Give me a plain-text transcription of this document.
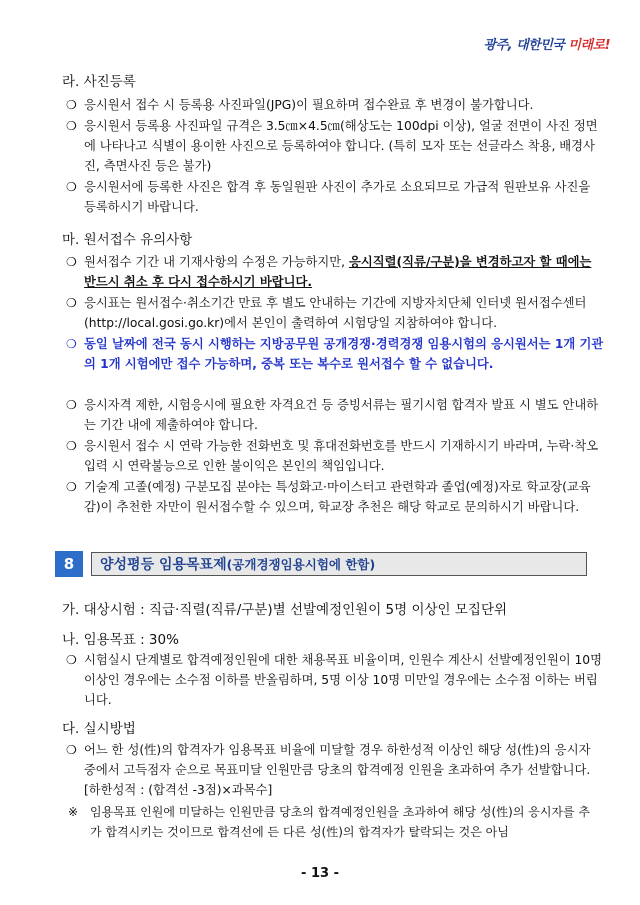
광주, 대한민국 미래로!
라. 사진등록
❍ 응시원서 접수 시 등록용 사진파일(JPG)이 필요하며 접수완료 후 변경이 불가합니다.
❍ 응시원서 등록용 사진파일 규격은 3.5㎝×4.5㎝(해상도는 100dpi 이상), 얼굴 전면이 사진 정면에 나타나고 식별이 용이한 사진으로 등록하여야 합니다. (특히 모자 또는 선글라스 착용, 배경사진, 측면사진 등은 불가)
❍ 응시원서에 등록한 사진은 합격 후 동일원판 사진이 추가로 소요되므로 가급적 원판보유 사진을 등록하시기 바랍니다.
마. 원서접수 유의사항
❍ 원서접수 기간 내 기재사항의 수정은 가능하지만, 응시직렬(직류/구분)을 변경하고자 할 때에는 반드시 취소 후 다시 접수하시기 바랍니다.
❍ 응시표는 원서접수·취소기간 만료 후 별도 안내하는 기간에 지방자치단체 인터넷 원서접수센터(http://local.gosi.go.kr)에서 본인이 출력하여 시험당일 지참하여야 합니다.
❍ 동일 날짜에 전국 동시 시행하는 지방공무원 공개경쟁·경력경쟁 임용시험의 응시원서는 1개 기관의 1개 시험에만 접수 가능하며, 중복 또는 복수로 원서접수 할 수 없습니다.
❍ 응시자격 제한, 시험응시에 필요한 자격요건 등 증빙서류는 필기시험 합격자 발표 시 별도 안내하는 기간 내에 제출하여야 합니다.
❍ 응시원서 접수 시 연락 가능한 전화번호 및 휴대전화번호를 반드시 기재하시기 바라며, 누락·착오 입력 시 연락불능으로 인한 불이익은 본인의 책임입니다.
❍ 기술계 고졸(예정) 구분모집 분야는 특성화고·마이스터고 관련학과 졸업(예정)자로 학교장(교육감)이 추천한 자만이 원서접수할 수 있으며, 학교장 추천은 해당 학교로 문의하시기 바랍니다.
8	양성평등 임용목표제 (공개경쟁임용시험에 한함)
가. 대상시험 : 직급·직렬(직류/구분)별 선발예정인원이 5명 이상인 모집단위
나. 임용목표 : 30%
❍ 시험실시 단계별로 합격예정인원에 대한 채용목표 비율이며, 인원수 계산시 선발예정인원이 10명 이상인 경우에는 소수점 이하를 반올림하며, 5명 이상 10명 미만일 경우에는 소수점 이하는 버립니다.
다. 실시방법
❍ 어느 한 성(性)의 합격자가 임용목표 비율에 미달할 경우 하한성적 이상인 해당 성(性)의 응시자 중에서 고득점자 순으로 목표미달 인원만큼 당초의 합격예정 인원을 초과하여 추가 선발합니다. [하한성적 : (합격선 -3점)×과목수]
※ 임용목표 인원에 미달하는 인원만큼 당초의 합격예정인원을 초과하여 해당 성(性)의 응시자를 추가 합격시키는 것이므로 합격선에 든 다른 성(性)의 합격자가 탈락되는 것은 아님
- 13 -
